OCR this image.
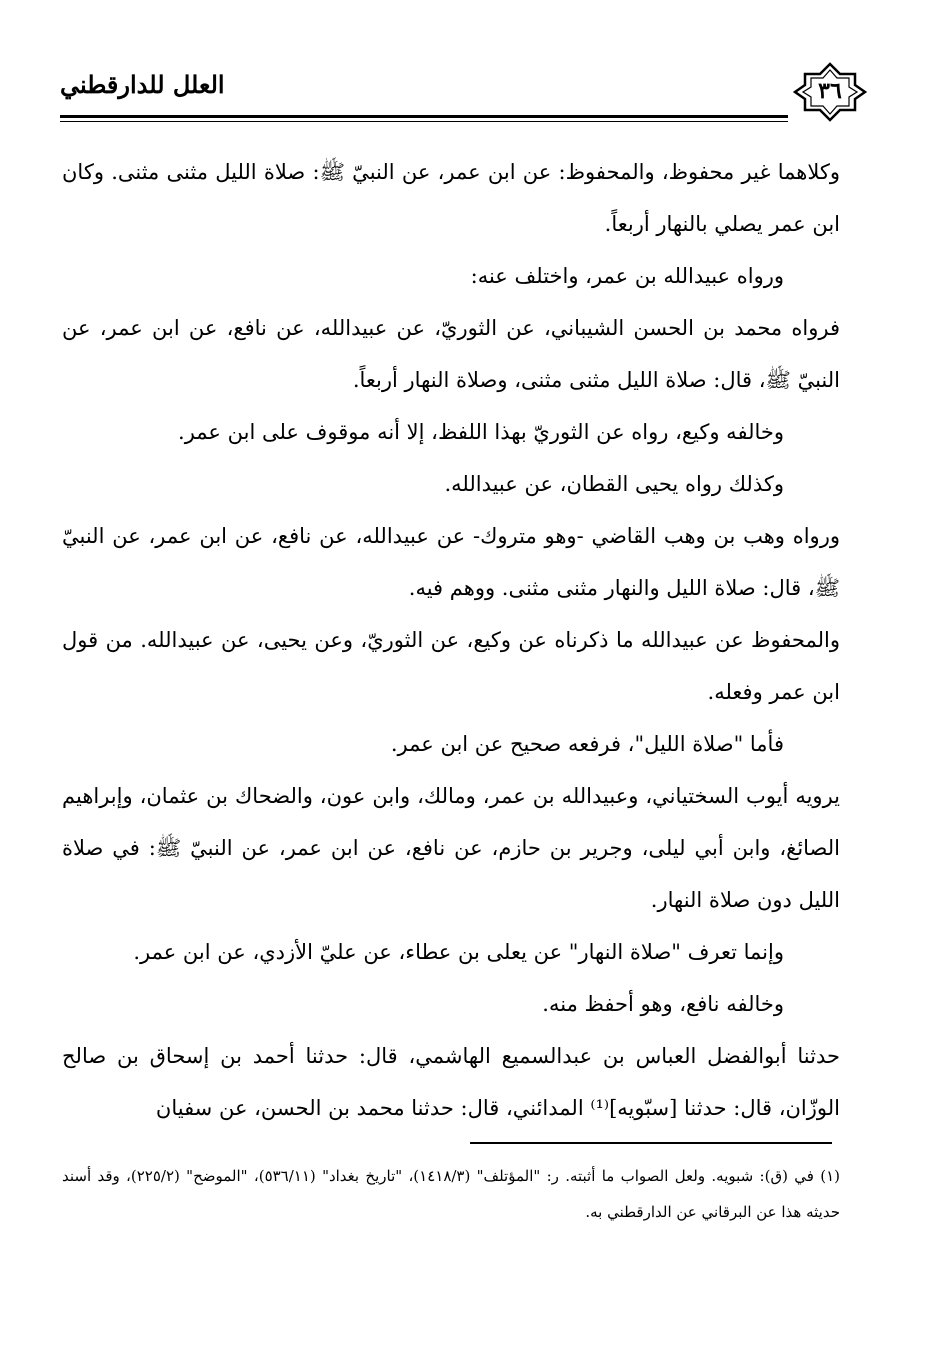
٣٦
العلل للدارقطني

وكلاهما غير محفوظ، والمحفوظ: عن ابن عمر، عن النبيّ ﷺ: صلاة الليل مثنى مثنى. وكان ابن عمر يصلي بالنهار أربعاً.

ورواه عبيدالله بن عمر، واختلف عنه:

فرواه محمد بن الحسن الشيباني، عن الثوريّ، عن عبيدالله، عن نافع، عن ابن عمر، عن النبيّ ﷺ، قال: صلاة الليل مثنى مثنى، وصلاة النهار أربعاً.

وخالفه وكيع، رواه عن الثوريّ بهذا اللفظ، إلا أنه موقوف على ابن عمر.

وكذلك رواه يحيى القطان، عن عبيدالله.

ورواه وهب بن وهب القاضي -وهو متروك- عن عبيدالله، عن نافع، عن ابن عمر، عن النبيّ ﷺ، قال: صلاة الليل والنهار مثنى مثنى. ووهم فيه.

والمحفوظ عن عبيدالله ما ذكرناه عن وكيع، عن الثوريّ، وعن يحيى، عن عبيدالله. من قول ابن عمر وفعله.

فأما "صلاة الليل"، فرفعه صحيح عن ابن عمر.

يرويه أيوب السختياني، وعبيدالله بن عمر، ومالك، وابن عون، والضحاك بن عثمان، وإبراهيم الصائغ، وابن أبي ليلى، وجرير بن حازم، عن نافع، عن ابن عمر، عن النبيّ ﷺ: في صلاة الليل دون صلاة النهار.

وإنما تعرف "صلاة النهار" عن يعلى بن عطاء، عن عليّ الأزدي، عن ابن عمر.

وخالفه نافع، وهو أحفظ منه.

حدثنا أبوالفضل العباس بن عبدالسميع الهاشمي، قال: حدثنا أحمد بن إسحاق بن صالح الوزّان، قال: حدثنا [سبّويه]⁽¹⁾ المدائني، قال: حدثنا محمد بن الحسن، عن سفيان

(١) في (ق): شبويه. ولعل الصواب ما أثبته. ر: "المؤتلف" (١٤١٨/٣)، "تاريخ بغداد" (٥٣٦/١١)، "الموضح" (٢٢٥/٢)، وقد أسند حديثه هذا عن البرقاني عن الدارقطني به.
